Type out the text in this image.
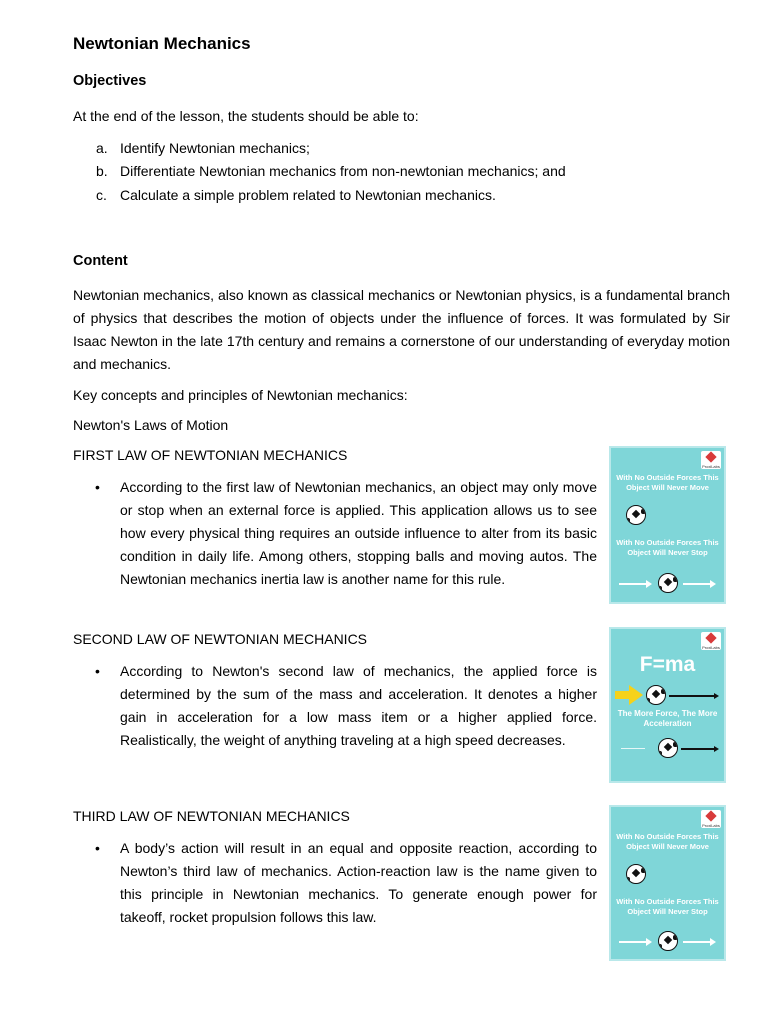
Newtonian Mechanics
Objectives
At the end of the lesson, the students should be able to:
a. Identify Newtonian mechanics;
b. Differentiate Newtonian mechanics from non-newtonian mechanics; and
c. Calculate a simple problem related to Newtonian mechanics.
Content
Newtonian mechanics, also known as classical mechanics or Newtonian physics, is a fundamental branch of physics that describes the motion of objects under the influence of forces. It was formulated by Sir Isaac Newton in the late 17th century and remains a cornerstone of our understanding of everyday motion and mechanics.
Key concepts and principles of Newtonian mechanics:
Newton's Laws of Motion
FIRST LAW OF NEWTONIAN MECHANICS
• According to the first law of Newtonian mechanics, an object may only move or stop when an external force is applied. This application allows us to see how every physical thing requires an outside influence to alter from its basic condition in daily life. Among others, stopping balls and moving autos. The Newtonian mechanics inertia law is another name for this rule.
SECOND LAW OF NEWTONIAN MECHANICS
• According to Newton's second law of mechanics, the applied force is determined by the sum of the mass and acceleration. It denotes a higher gain in acceleration for a low mass item or a higher applied force. Realistically, the weight of anything traveling at a high speed decreases.
THIRD LAW OF NEWTONIAN MECHANICS
• A body’s action will result in an equal and opposite reaction, according to Newton’s third law of mechanics. Action-reaction law is the name given to this principle in Newtonian mechanics. To generate enough power for takeoff, rocket propulsion follows this law.
ProxiLabs
With No Outside Forces This Object Will Never Move
With No Outside Forces This Object Will Never Stop
ProxiLabs
F=ma
The More Force, The More Acceleration
ProxiLabs
With No Outside Forces This Object Will Never Move
With No Outside Forces This Object Will Never Stop
